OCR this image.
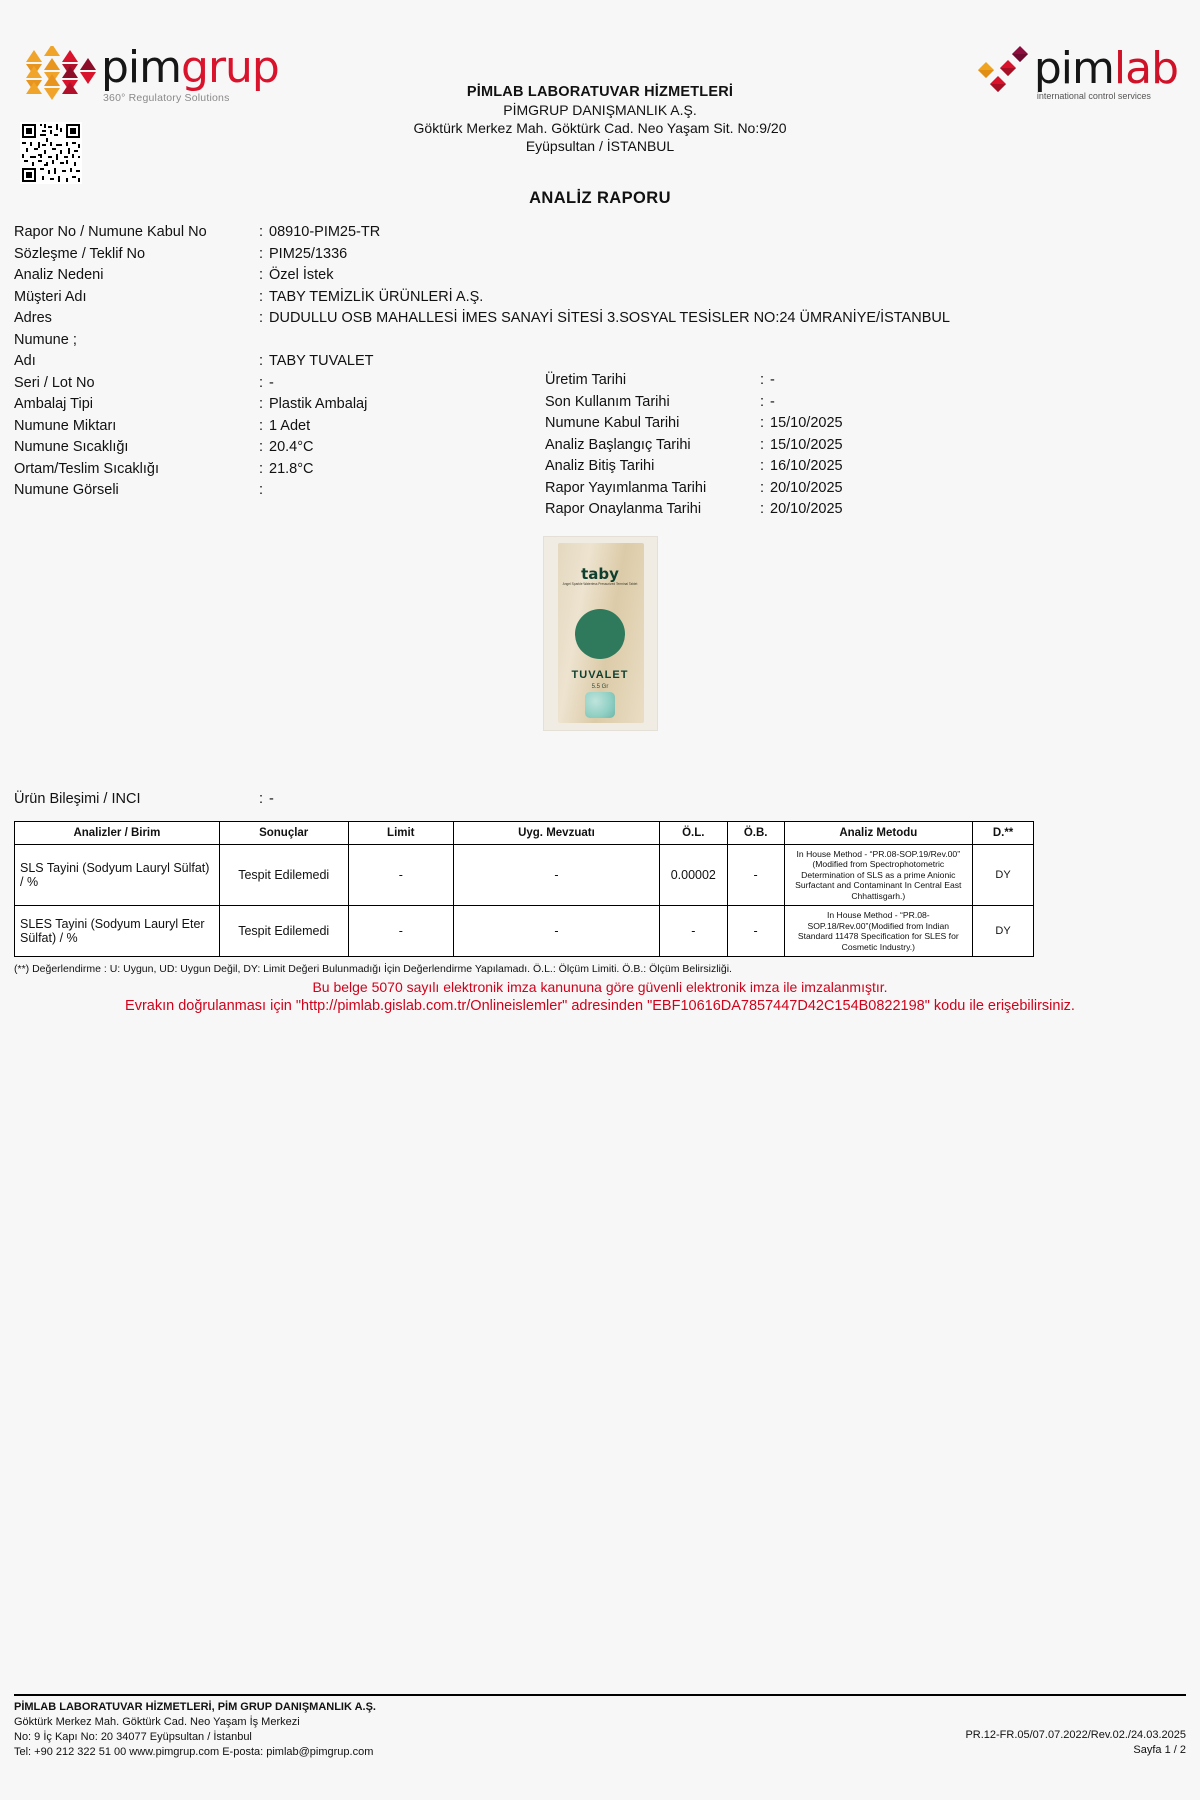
pimgrup
360° Regulatory Solutions	PİMLAB LABORATUVAR HİZMETLERİ
PİMGRUP DANIŞMANLIK A.Ş.
Göktürk Merkez Mah. Göktürk Cad. Neo Yaşam Sit. No:9/20
Eyüpsultan / İSTANBUL
pimlab
international control services
ANALİZ RAPORU
Rapor No / Numune Kabul No	: 08910-PIM25-TR
Sözleşme / Teklif No	: PIM25/1336
Analiz Nedeni	: Özel İstek
Müşteri Adı	: TABY TEMİZLİK ÜRÜNLERİ A.Ş.
Adres	: DUDULLU OSB MAHALLESİ İMES SANAYİ SİTESİ 3.SOSYAL TESİSLER NO:24 ÜMRANİYE/İSTANBUL
Numune ;
Adı	: TABY TUVALET
Seri / Lot No	: -
Ambalaj Tipi	: Plastik Ambalaj
Numune Miktarı	: 1 Adet
Numune Sıcaklığı	: 20.4°C
Ortam/Teslim Sıcaklığı	: 21.8°C
Numune Görseli	:
Üretim Tarihi	: -
Son Kullanım Tarihi	: -
Numune Kabul Tarihi	: 15/10/2025
Analiz Başlangıç Tarihi	: 15/10/2025
Analiz Bitiş Tarihi	: 16/10/2025
Rapor Yayımlanma Tarihi	: 20/10/2025
Rapor Onaylanma Tarihi	: 20/10/2025
taby
Angel Sparkle Waterless Pressurized Terminal Tablet
TUVALET
5.5 Gr
Ürün Bileşimi / INCI	: -
Analizler / Birim	Sonuçlar	Limit	Uyg. Mevzuatı	Ö.L.	Ö.B.	Analiz Metodu	D.**
SLS Tayini (Sodyum Lauryl Sülfat) / %	Tespit Edilemedi	-	-	0.00002	-	In House Method - “PR.08-SOP.19/Rev.00” (Modified from Spectrophotometric Determination of SLS as a prime Anionic Surfactant and Contaminant In Central East Chhattisgarh.)	DY
SLES Tayini (Sodyum Lauryl Eter Sülfat) / %	Tespit Edilemedi	-	-	-	-	In House Method - “PR.08-SOP.18/Rev.00”(Modified from Indian Standard 11478 Specification for SLES for Cosmetic Industry.)	DY
(**) Değerlendirme : U: Uygun, UD: Uygun Değil, DY: Limit Değeri Bulunmadığı İçin Değerlendirme Yapılamadı. Ö.L.: Ölçüm Limiti. Ö.B.: Ölçüm Belirsizliği.
Bu belge 5070 sayılı elektronik imza kanununa göre güvenli elektronik imza ile imzalanmıştır.
Evrakın doğrulanması için "http://pimlab.gislab.com.tr/Onlineislemler" adresinden "EBF10616DA7857447D42C154B0822198" kodu ile erişebilirsiniz.
PİMLAB LABORATUVAR HİZMETLERİ, PİM GRUP DANIŞMANLIK A.Ş.
Göktürk Merkez Mah. Göktürk Cad. Neo Yaşam İş Merkezi
No: 9 İç Kapı No: 20 34077 Eyüpsultan / İstanbul
Tel: +90 212 322 51 00 www.pimgrup.com E-posta: pimlab@pimgrup.com
PR.12-FR.05/07.07.2022/Rev.02./24.03.2025
Sayfa 1 / 2
